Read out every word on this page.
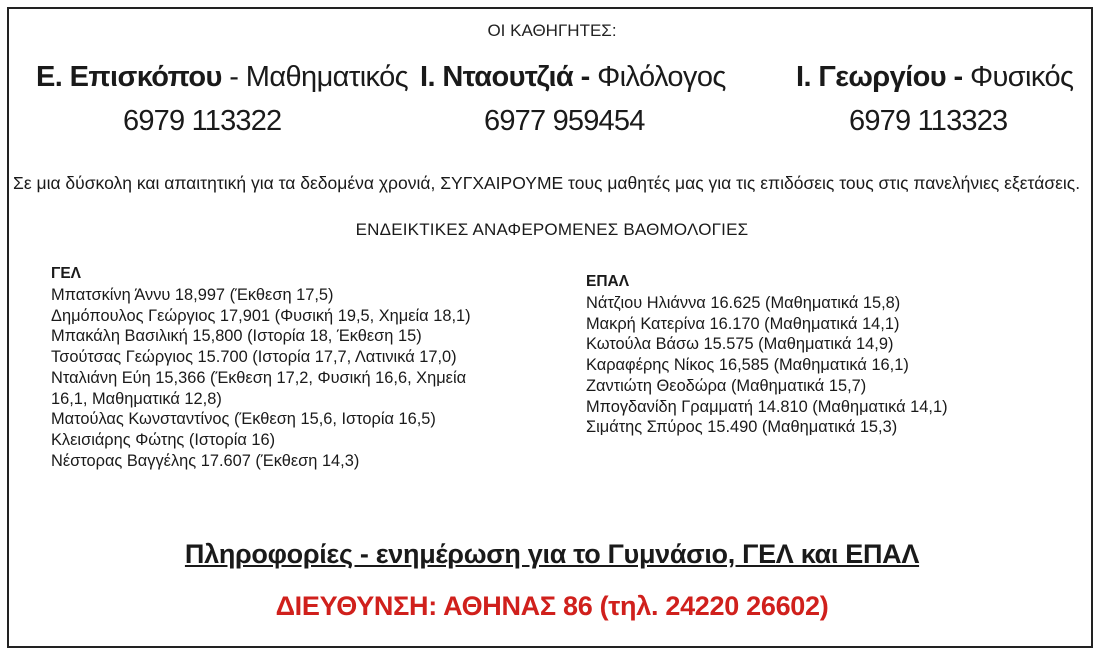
ΟΙ ΚΑΘΗΓΗΤΕΣ:
Ε. Επισκόπου - Μαθηματικός
6979 113322
Ι. Νταουτζιά - Φιλόλογος
6977 959454
Ι. Γεωργίου - Φυσικός
6979 113323
Σε μια δύσκολη και απαιτητική για τα δεδομένα χρονιά, ΣΥΓΧΑΙΡΟΥΜΕ τους μαθητές μας για τις επιδόσεις τους στις πανελήνιες εξετάσεις.
ΕΝΔΕΙΚΤΙΚΕΣ ΑΝΑΦΕΡΟΜΕΝΕΣ ΒΑΘΜΟΛΟΓΙΕΣ
ΓΕΛ
Μπατσκίνη Άννυ 18,997 (Έκθεση 17,5)
Δημόπουλος Γεώργιος 17,901 (Φυσική 19,5, Χημεία 18,1)
Μπακάλη Βασιλική 15,800 (Ιστορία 18, Έκθεση 15)
Τσούτσας Γεώργιος 15.700 (Ιστορία 17,7, Λατινικά 17,0)
Νταλιάνη Εύη 15,366 (Έκθεση 17,2, Φυσική 16,6, Χημεία
16,1, Μαθηματικά 12,8)
Ματούλας Κωνσταντίνος (Έκθεση 15,6, Ιστορία 16,5)
Κλεισιάρης Φώτης (Ιστορία 16)
Νέστορας Βαγγέλης 17.607 (Έκθεση 14,3)
ΕΠΑΛ
Νάτζιου Ηλιάννα 16.625 (Μαθηματικά 15,8)
Μακρή Κατερίνα 16.170 (Μαθηματικά 14,1)
Κωτούλα Βάσω 15.575 (Μαθηματικά 14,9)
Καραφέρης Νίκος 16,585 (Μαθηματικά 16,1)
Ζαντιώτη Θεοδώρα (Μαθηματικά 15,7)
Μπογδανίδη Γραμματή 14.810 (Μαθηματικά 14,1)
Σιμάτης Σπύρος 15.490 (Μαθηματικά 15,3)
Πληροφορίες - ενημέρωση για το Γυμνάσιο, ΓΕΛ και ΕΠΑΛ
ΔΙΕΥΘΥΝΣΗ: ΑΘΗΝΑΣ 86 (τηλ. 24220 26602)
